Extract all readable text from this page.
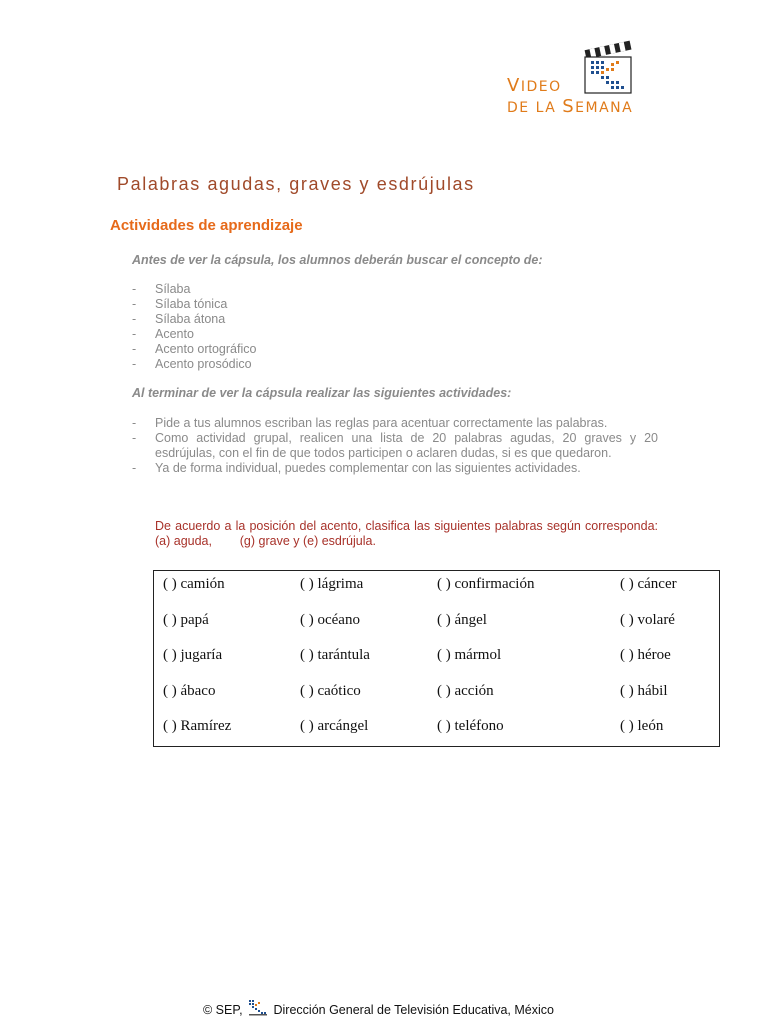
VIDEO
DE LA SEMANA
Palabras agudas, graves y esdrújulas
Actividades de aprendizaje
Antes de ver la cápsula, los alumnos deberán buscar el concepto de:
- Sílaba
- Sílaba tónica
- Sílaba átona
- Acento
- Acento ortográfico
- Acento prosódico
Al terminar de ver la cápsula realizar las siguientes actividades:
- Pide a tus alumnos escriban las reglas para acentuar correctamente las palabras.
- Como actividad grupal, realicen una lista de 20 palabras agudas, 20 graves y 20 esdrújulas, con el fin de que todos participen o aclaren dudas, si es que quedaron.
- Ya de forma individual, puedes complementar con las siguientes actividades.
De acuerdo a la posición del acento, clasifica las siguientes palabras según corresponda: (a) aguda,        (g) grave y (e) esdrújula.
( ) camión
( ) papá
( ) jugaría
( ) ábaco
( ) Ramírez
( ) lágrima
( ) océano
( ) tarántula
( ) caótico
( ) arcángel
( ) confirmación
( ) ángel
( ) mármol
( ) acción
( ) teléfono
( ) cáncer
( ) volaré
( ) héroe
( ) hábil
( ) león
© SEP,  Dirección General de Televisión Educativa, México
